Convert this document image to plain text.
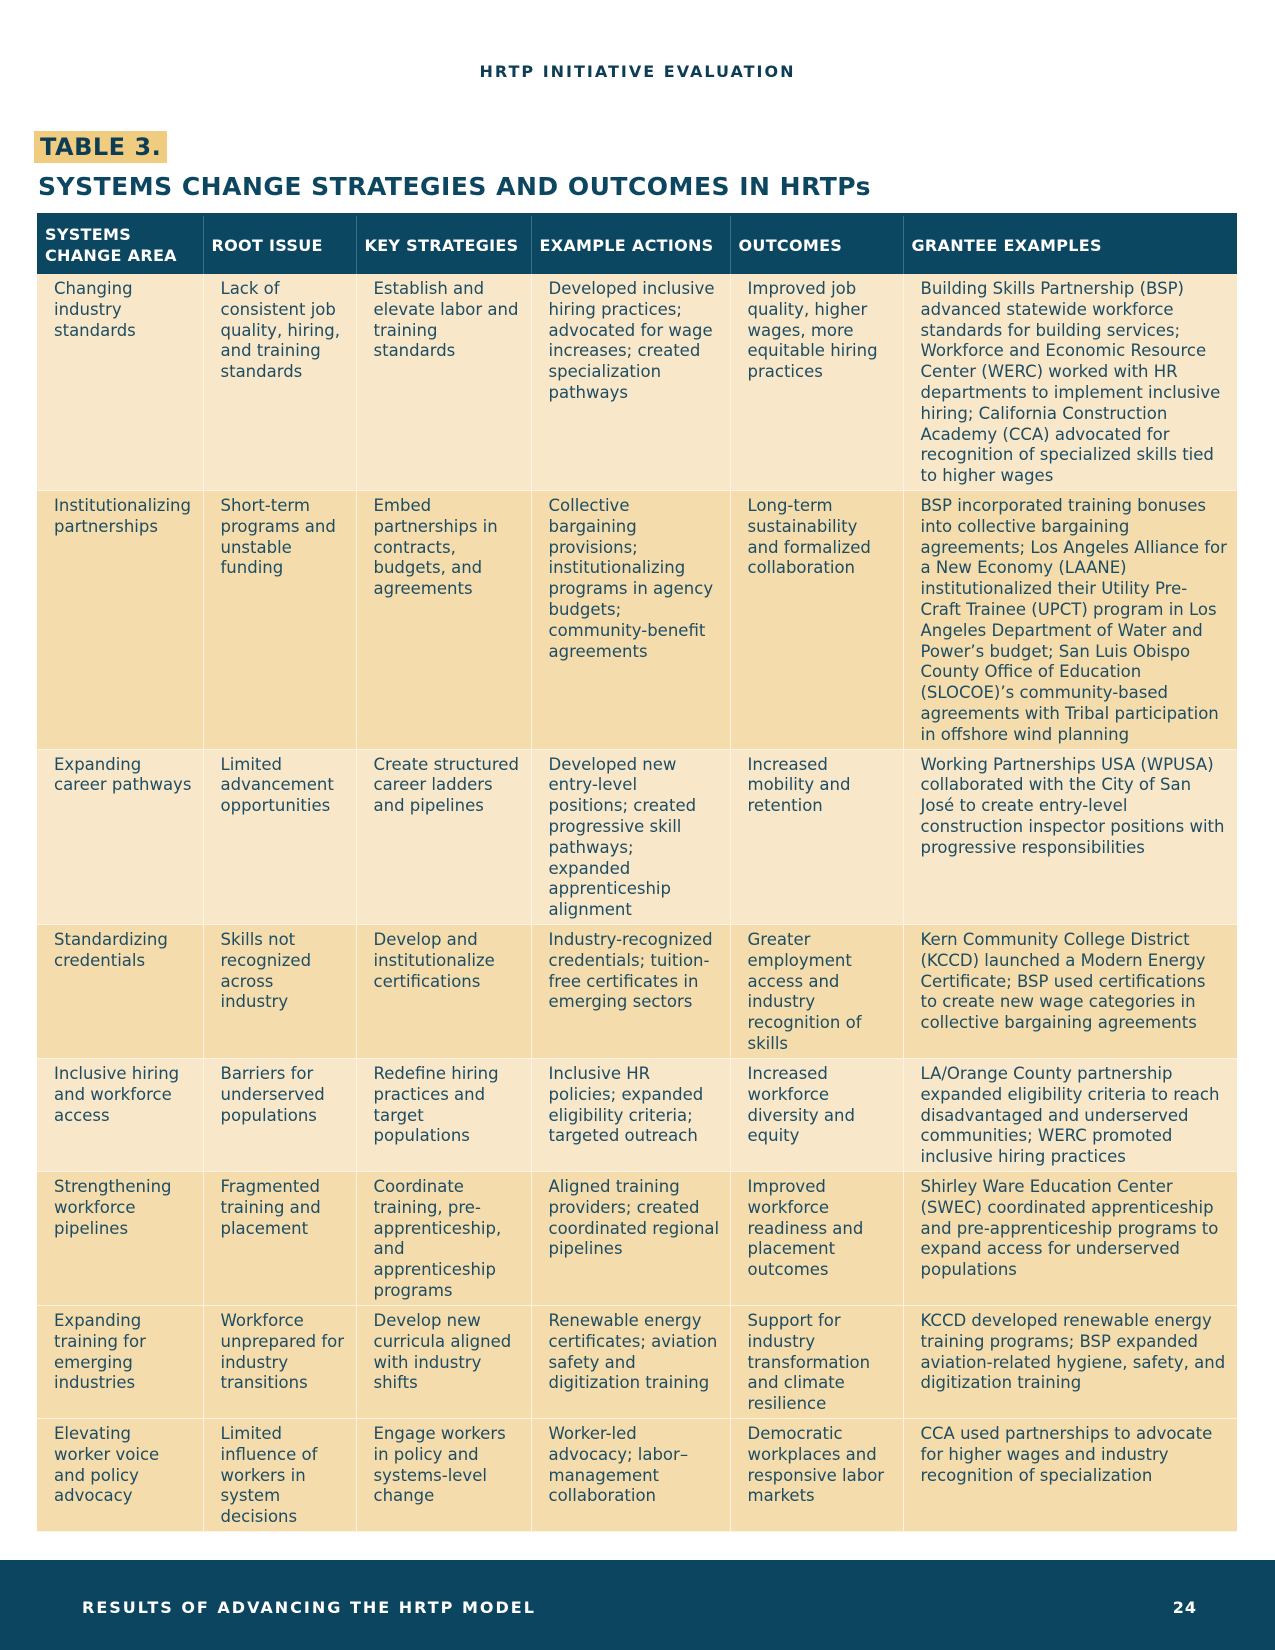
HRTP INITIATIVE EVALUATION
TABLE 3.
SYSTEMS CHANGE STRATEGIES AND OUTCOMES IN HRTPs
SYSTEMS CHANGE AREA	ROOT ISSUE	KEY STRATEGIES	EXAMPLE ACTIONS	OUTCOMES	GRANTEE EXAMPLES
Changing industry standards	Lack of consistent job quality, hiring, and training standards	Establish and elevate labor and training standards	Developed inclusive hiring practices; advocated for wage increases; created specialization pathways	Improved job quality, higher wages, more equitable hiring practices	Building Skills Partnership (BSP) advanced statewide workforce standards for building services; Workforce and Economic Resource Center (WERC) worked with HR departments to implement inclusive hiring; California Construction Academy (CCA) advocated for recognition of specialized skills tied to higher wages
Institutionalizing partnerships	Short-term programs and unstable funding	Embed partnerships in contracts, budgets, and agreements	Collective bargaining provisions; institutionalizing programs in agency budgets; community-benefit agreements	Long-term sustainability and formalized collaboration	BSP incorporated training bonuses into collective bargaining agreements; Los Angeles Alliance for a New Economy (LAANE) institutionalized their Utility Pre-Craft Trainee (UPCT) program in Los Angeles Department of Water and Power’s budget; San Luis Obispo County Office of Education (SLOCOE)’s community-based agreements with Tribal participation in offshore wind planning
Expanding career pathways	Limited advancement opportunities	Create structured career ladders and pipelines	Developed new entry-level positions; created progressive skill pathways; expanded apprenticeship alignment	Increased mobility and retention	Working Partnerships USA (WPUSA) collaborated with the City of San José to create entry-level construction inspector positions with progressive responsibilities
Standardizing credentials	Skills not recognized across industry	Develop and institutionalize certifications	Industry-recognized credentials; tuition-free certificates in emerging sectors	Greater employment access and industry recognition of skills	Kern Community College District (KCCD) launched a Modern Energy Certificate; BSP used certifications to create new wage categories in collective bargaining agreements
Inclusive hiring and workforce access	Barriers for underserved populations	Redefine hiring practices and target populations	Inclusive HR policies; expanded eligibility criteria; targeted outreach	Increased workforce diversity and equity	LA/Orange County partnership expanded eligibility criteria to reach disadvantaged and underserved communities; WERC promoted inclusive hiring practices
Strengthening workforce pipelines	Fragmented training and placement	Coordinate training, pre-apprenticeship, and apprenticeship programs	Aligned training providers; created coordinated regional pipelines	Improved workforce readiness and placement outcomes	Shirley Ware Education Center (SWEC) coordinated apprenticeship and pre-apprenticeship programs to expand access for underserved populations
Expanding training for emerging industries	Workforce unprepared for industry transitions	Develop new curricula aligned with industry shifts	Renewable energy certificates; aviation safety and digitization training	Support for industry transformation and climate resilience	KCCD developed renewable energy training programs; BSP expanded aviation-related hygiene, safety, and digitization training
Elevating worker voice and policy advocacy	Limited influence of workers in system decisions	Engage workers in policy and systems-level change	Worker-led advocacy; labor–management collaboration	Democratic workplaces and responsive labor markets	CCA used partnerships to advocate for higher wages and industry recognition of specialization
RESULTS OF ADVANCING THE HRTP MODEL	24
